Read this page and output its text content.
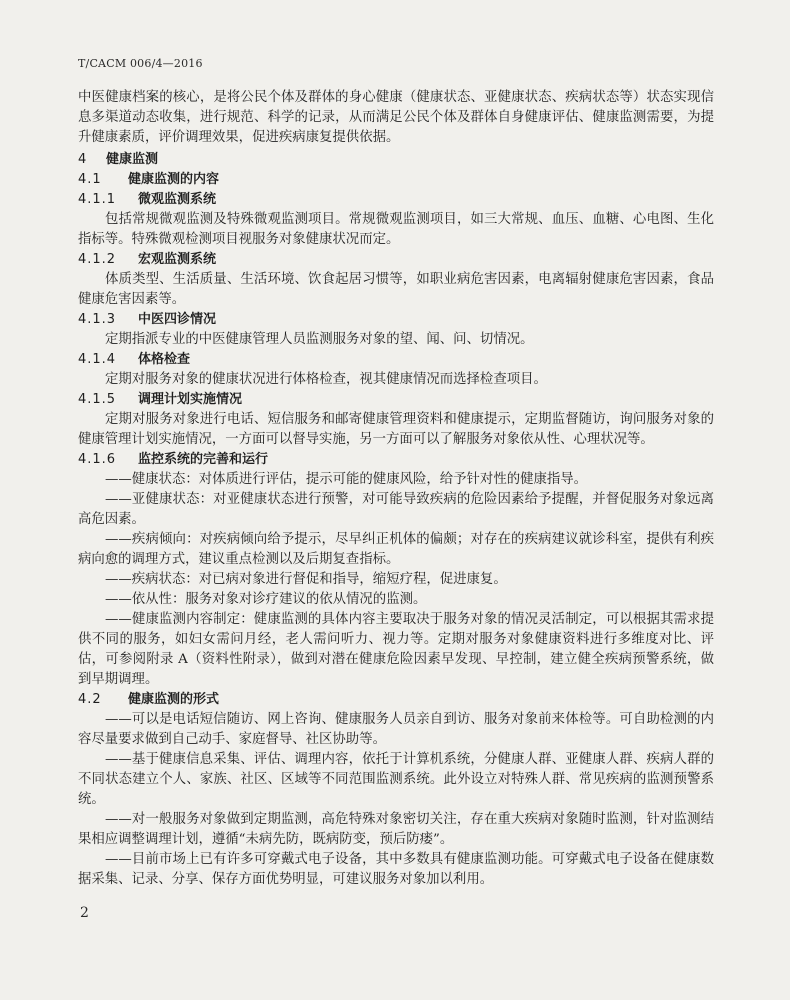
T/CACM 006/4—2016

中医健康档案的核心，是将公民个体及群体的身心健康（健康状态、亚健康状态、疾病状态等）状态实现信息多渠道动态收集，进行规范、科学的记录，从而满足公民个体及群体自身健康评估、健康监测需要，为提升健康素质，评价调理效果，促进疾病康复提供依据。

4 健康监测

4.1 健康监测的内容

4.1.1 微观监测系统

包括常规微观监测及特殊微观监测项目。常规微观监测项目，如三大常规、血压、血糖、心电图、生化指标等。特殊微观检测项目视服务对象健康状况而定。

4.1.2 宏观监测系统

体质类型、生活质量、生活环境、饮食起居习惯等，如职业病危害因素，电离辐射健康危害因素，食品健康危害因素等。

4.1.3 中医四诊情况

定期指派专业的中医健康管理人员监测服务对象的望、闻、问、切情况。

4.1.4 体格检查

定期对服务对象的健康状况进行体格检查，视其健康情况而选择检查项目。

4.1.5 调理计划实施情况

定期对服务对象进行电话、短信服务和邮寄健康管理资料和健康提示，定期监督随访，询问服务对象的健康管理计划实施情况，一方面可以督导实施，另一方面可以了解服务对象依从性、心理状况等。

4.1.6 监控系统的完善和运行

——健康状态：对体质进行评估，提示可能的健康风险，给予针对性的健康指导。

——亚健康状态：对亚健康状态进行预警，对可能导致疾病的危险因素给予提醒，并督促服务对象远离高危因素。

——疾病倾向：对疾病倾向给予提示，尽早纠正机体的偏颇；对存在的疾病建议就诊科室，提供有利疾病向愈的调理方式，建议重点检测以及后期复查指标。

——疾病状态：对已病对象进行督促和指导，缩短疗程，促进康复。

——依从性：服务对象对诊疗建议的依从情况的监测。

——健康监测内容制定：健康监测的具体内容主要取决于服务对象的情况灵活制定，可以根据其需求提供不同的服务，如妇女需问月经，老人需问听力、视力等。定期对服务对象健康资料进行多维度对比、评估，可参阅附录 A（资料性附录），做到对潜在健康危险因素早发现、早控制，建立健全疾病预警系统，做到早期调理。

4.2 健康监测的形式

——可以是电话短信随访、网上咨询、健康服务人员亲自到访、服务对象前来体检等。可自助检测的内容尽量要求做到自己动手、家庭督导、社区协助等。

——基于健康信息采集、评估、调理内容，依托于计算机系统，分健康人群、亚健康人群、疾病人群的不同状态建立个人、家族、社区、区域等不同范围监测系统。此外设立对特殊人群、常见疾病的监测预警系统。

——对一般服务对象做到定期监测，高危特殊对象密切关注，存在重大疾病对象随时监测，针对监测结果相应调整调理计划，遵循“未病先防，既病防变，预后防瘘”。

——目前市场上已有许多可穿戴式电子设备，其中多数具有健康监测功能。可穿戴式电子设备在健康数据采集、记录、分享、保存方面优势明显，可建议服务对象加以利用。

2
